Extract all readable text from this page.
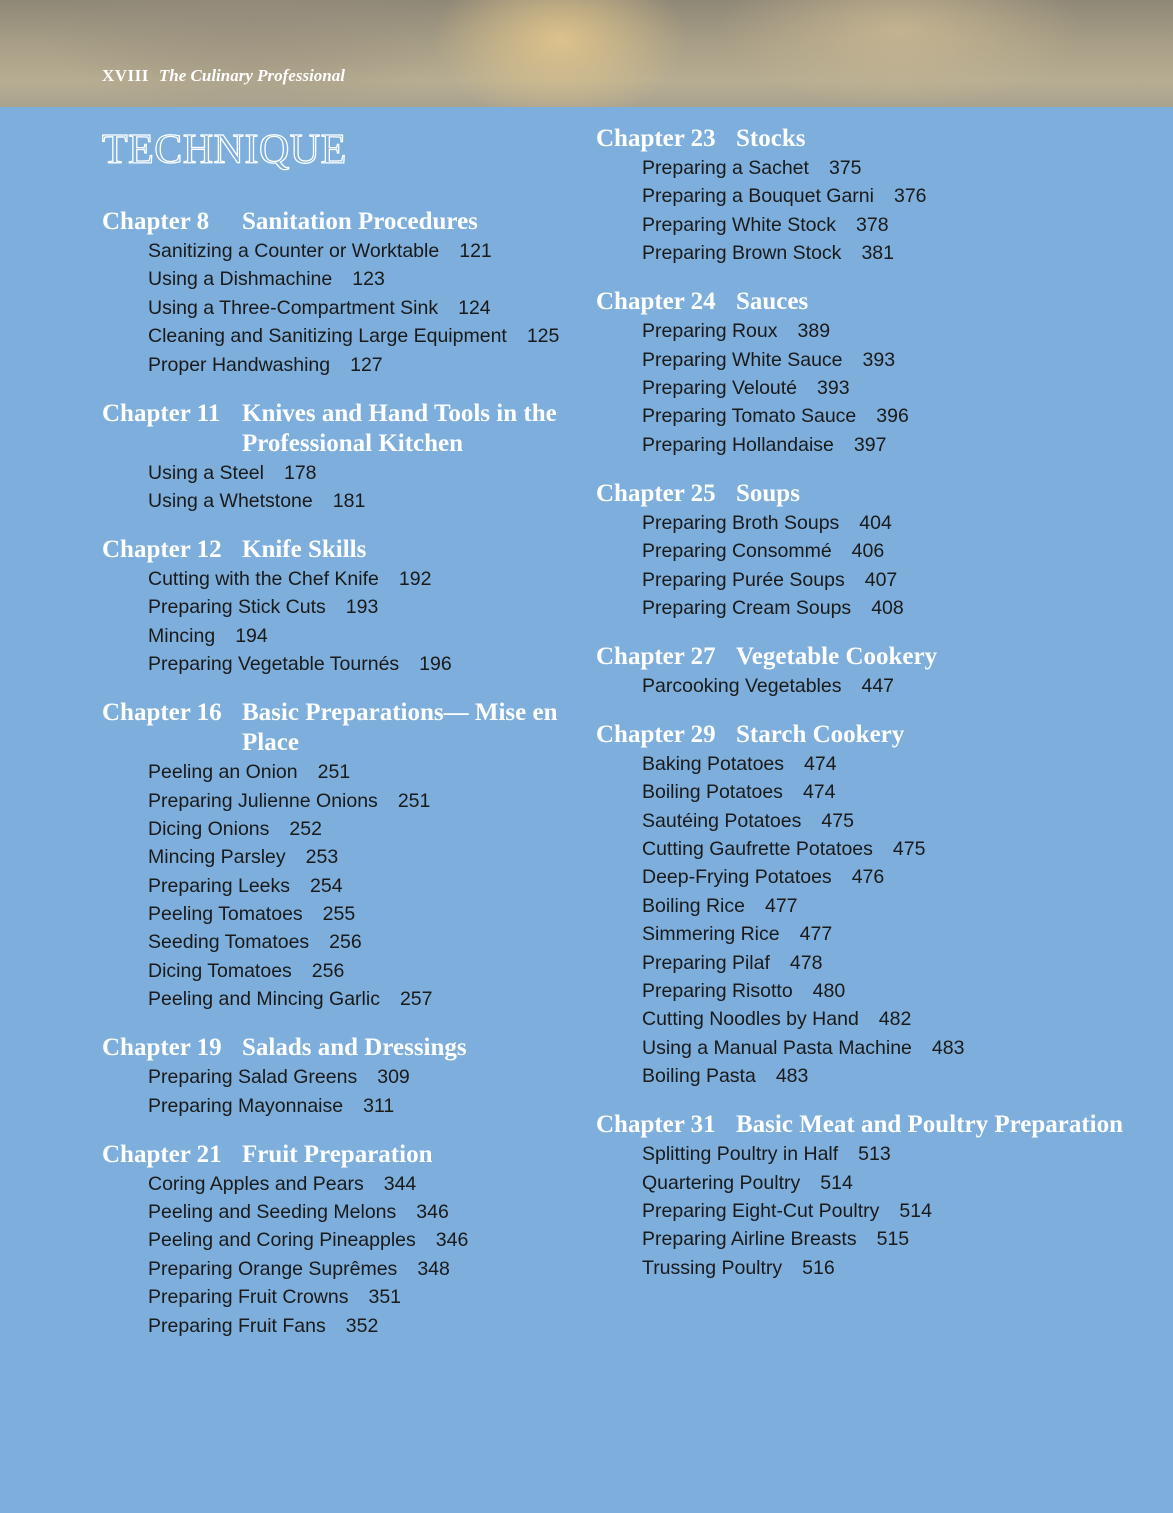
XVIII The Culinary Professional
TECHNIQUE
Chapter 8	Sanitation Procedures
Sanitizing a Counter or Worktable 121
Using a Dishmachine 123
Using a Three-Compartment Sink 124
Cleaning and Sanitizing Large Equipment 125
Proper Handwashing 127
Chapter 11 Knives and Hand Tools in the Professional Kitchen
Using a Steel 178
Using a Whetstone 181
Chapter 12 Knife Skills
Cutting with the Chef Knife 192
Preparing Stick Cuts 193
Mincing 194
Preparing Vegetable Tournés 196
Chapter 16 Basic Preparations— Mise en Place
Peeling an Onion 251
Preparing Julienne Onions 251
Dicing Onions 252
Mincing Parsley 253
Preparing Leeks 254
Peeling Tomatoes 255
Seeding Tomatoes 256
Dicing Tomatoes 256
Peeling and Mincing Garlic 257
Chapter 19 Salads and Dressings
Preparing Salad Greens 309
Preparing Mayonnaise 311
Chapter 21 Fruit Preparation
Coring Apples and Pears 344
Peeling and Seeding Melons 346
Peeling and Coring Pineapples 346
Preparing Orange Suprêmes 348
Preparing Fruit Crowns 351
Preparing Fruit Fans 352
Chapter 23 Stocks
Preparing a Sachet 375
Preparing a Bouquet Garni 376
Preparing White Stock 378
Preparing Brown Stock 381
Chapter 24 Sauces
Preparing Roux 389
Preparing White Sauce 393
Preparing Velouté 393
Preparing Tomato Sauce 396
Preparing Hollandaise 397
Chapter 25 Soups
Preparing Broth Soups 404
Preparing Consommé 406
Preparing Purée Soups 407
Preparing Cream Soups 408
Chapter 27 Vegetable Cookery
Parcooking Vegetables 447
Chapter 29 Starch Cookery
Baking Potatoes 474
Boiling Potatoes 474
Sautéing Potatoes 475
Cutting Gaufrette Potatoes 475
Deep-Frying Potatoes 476
Boiling Rice 477
Simmering Rice 477
Preparing Pilaf 478
Preparing Risotto 480
Cutting Noodles by Hand 482
Using a Manual Pasta Machine 483
Boiling Pasta 483
Chapter 31 Basic Meat and Poultry Preparation
Splitting Poultry in Half 513
Quartering Poultry 514
Preparing Eight-Cut Poultry 514
Preparing Airline Breasts 515
Trussing Poultry 516
